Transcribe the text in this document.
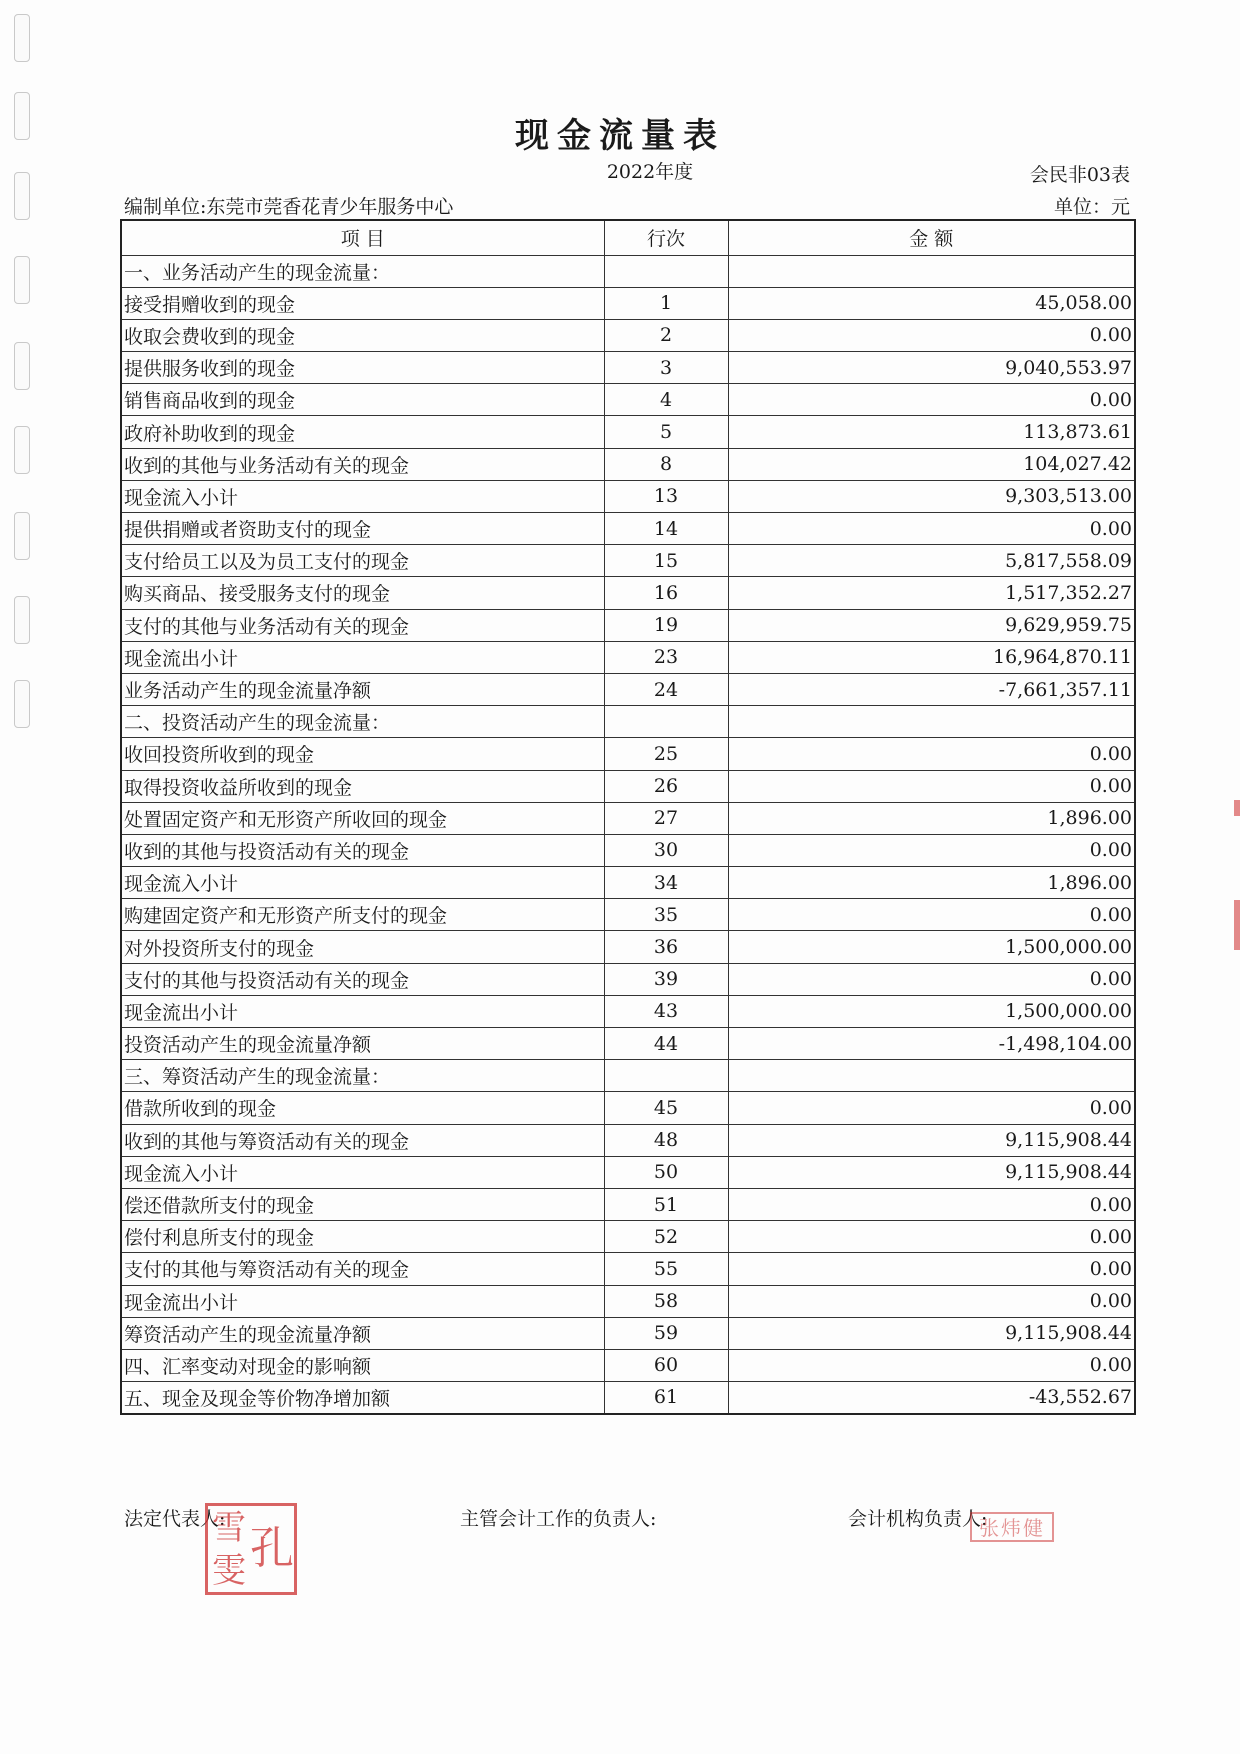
现金流量表
2022年度	会民非03表
编制单位:东莞市莞香花青少年服务中心	单位：元
项 目	行次	金 额
一、业务活动产生的现金流量：		
接受捐赠收到的现金	1	45,058.00
收取会费收到的现金	2	0.00
提供服务收到的现金	3	9,040,553.97
销售商品收到的现金	4	0.00
政府补助收到的现金	5	113,873.61
收到的其他与业务活动有关的现金	8	104,027.42
现金流入小计	13	9,303,513.00
提供捐赠或者资助支付的现金	14	0.00
支付给员工以及为员工支付的现金	15	5,817,558.09
购买商品、接受服务支付的现金	16	1,517,352.27
支付的其他与业务活动有关的现金	19	9,629,959.75
现金流出小计	23	16,964,870.11
业务活动产生的现金流量净额	24	-7,661,357.11
二、投资活动产生的现金流量：		
收回投资所收到的现金	25	0.00
取得投资收益所收到的现金	26	0.00
处置固定资产和无形资产所收回的现金	27	1,896.00
收到的其他与投资活动有关的现金	30	0.00
现金流入小计	34	1,896.00
购建固定资产和无形资产所支付的现金	35	0.00
对外投资所支付的现金	36	1,500,000.00
支付的其他与投资活动有关的现金	39	0.00
现金流出小计	43	1,500,000.00
投资活动产生的现金流量净额	44	-1,498,104.00
三、筹资活动产生的现金流量：		
借款所收到的现金	45	0.00
收到的其他与筹资活动有关的现金	48	9,115,908.44
现金流入小计	50	9,115,908.44
偿还借款所支付的现金	51	0.00
偿付利息所支付的现金	52	0.00
支付的其他与筹资活动有关的现金	55	0.00
现金流出小计	58	0.00
筹资活动产生的现金流量净额	59	9,115,908.44
四、汇率变动对现金的影响额	60	0.00
五、现金及现金等价物净增加额	61	-43,552.67
法定代表人:	主管会计工作的负责人:	会计机构负责人:
孔
雪
雯
张炜健
